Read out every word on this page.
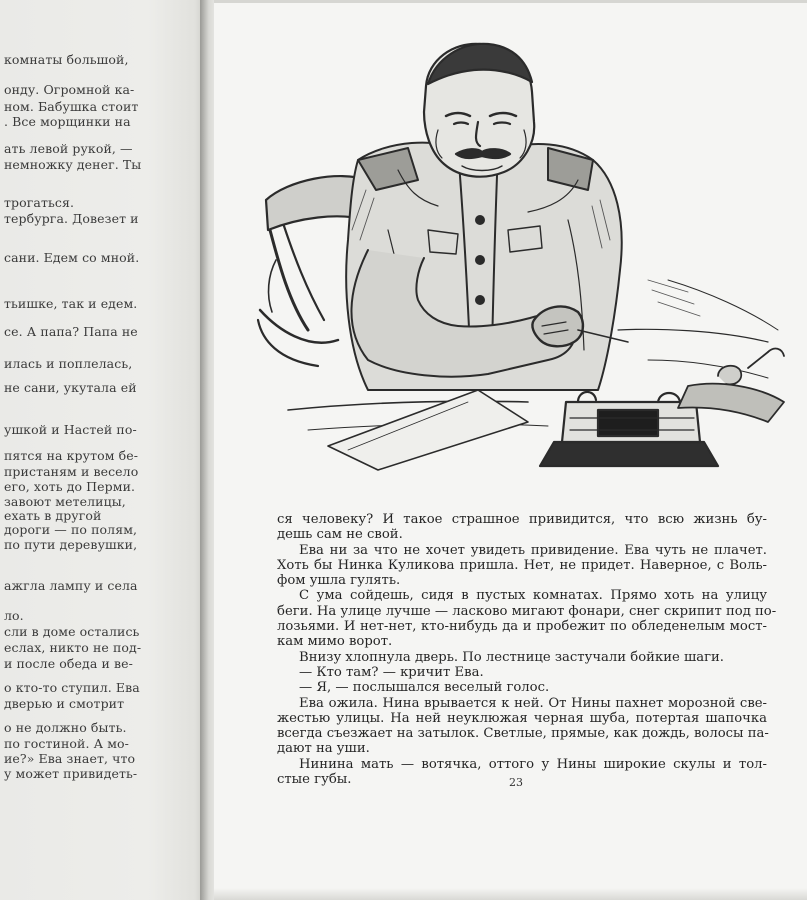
комнаты большой,
онду. Огромной ка-
ном. Бабушка стоит
. Все морщинки на
ать левой рукой, —
немножку денег. Ты
трогаться.
тербурга. Довезет и
сани. Едем со мной.
тьишке, так и едем.
се. А папа? Папа не
илась и поплелась,
не сани, укутала ей
ушкой и Настей по-
пятся на крутом бе-
пристаням и весело
его, хоть до Перми.
завоют метелицы,
ехать в другой
дороги — по полям,
по пути деревушки,
ажгла лампу и села
ло.
сли в доме остались
еслах, никто не под-
и после обеда и ве-
о кто-то ступил. Ева
дверью и смотрит
о не должно быть.
по гостиной. А мо-
ие?» Ева знает, что
у может привидеть-
ся человеку? И такое страшное привидится, что всю жизнь бу-
дешь сам не свой.
Ева ни за что не хочет увидеть привидение. Ева чуть не плачет.
Хоть бы Нинка Куликова пришла. Нет, не придет. Наверное, с Воль-
фом ушла гулять.
С ума сойдешь, сидя в пустых комнатах. Прямо хоть на улицу
беги. На улице лучше — ласково мигают фонари, снег скрипит под по-
лозьями. И нет-нет, кто-нибудь да и пробежит по обледенелым мост-
кам мимо ворот.
Внизу хлопнула дверь. По лестнице застучали бойкие шаги.
— Кто там? — кричит Ева.
— Я, — послышался веселый голос.
Ева ожила. Нина врывается к ней. От Нины пахнет морозной све-
жестью улицы. На ней неуклюжая черная шуба, потертая шапочка
всегда съезжает на затылок. Светлые, прямые, как дождь, волосы па-
дают на уши.
Нинина мать — вотячка, оттого у Нины широкие скулы и тол-
стые губы.	23
